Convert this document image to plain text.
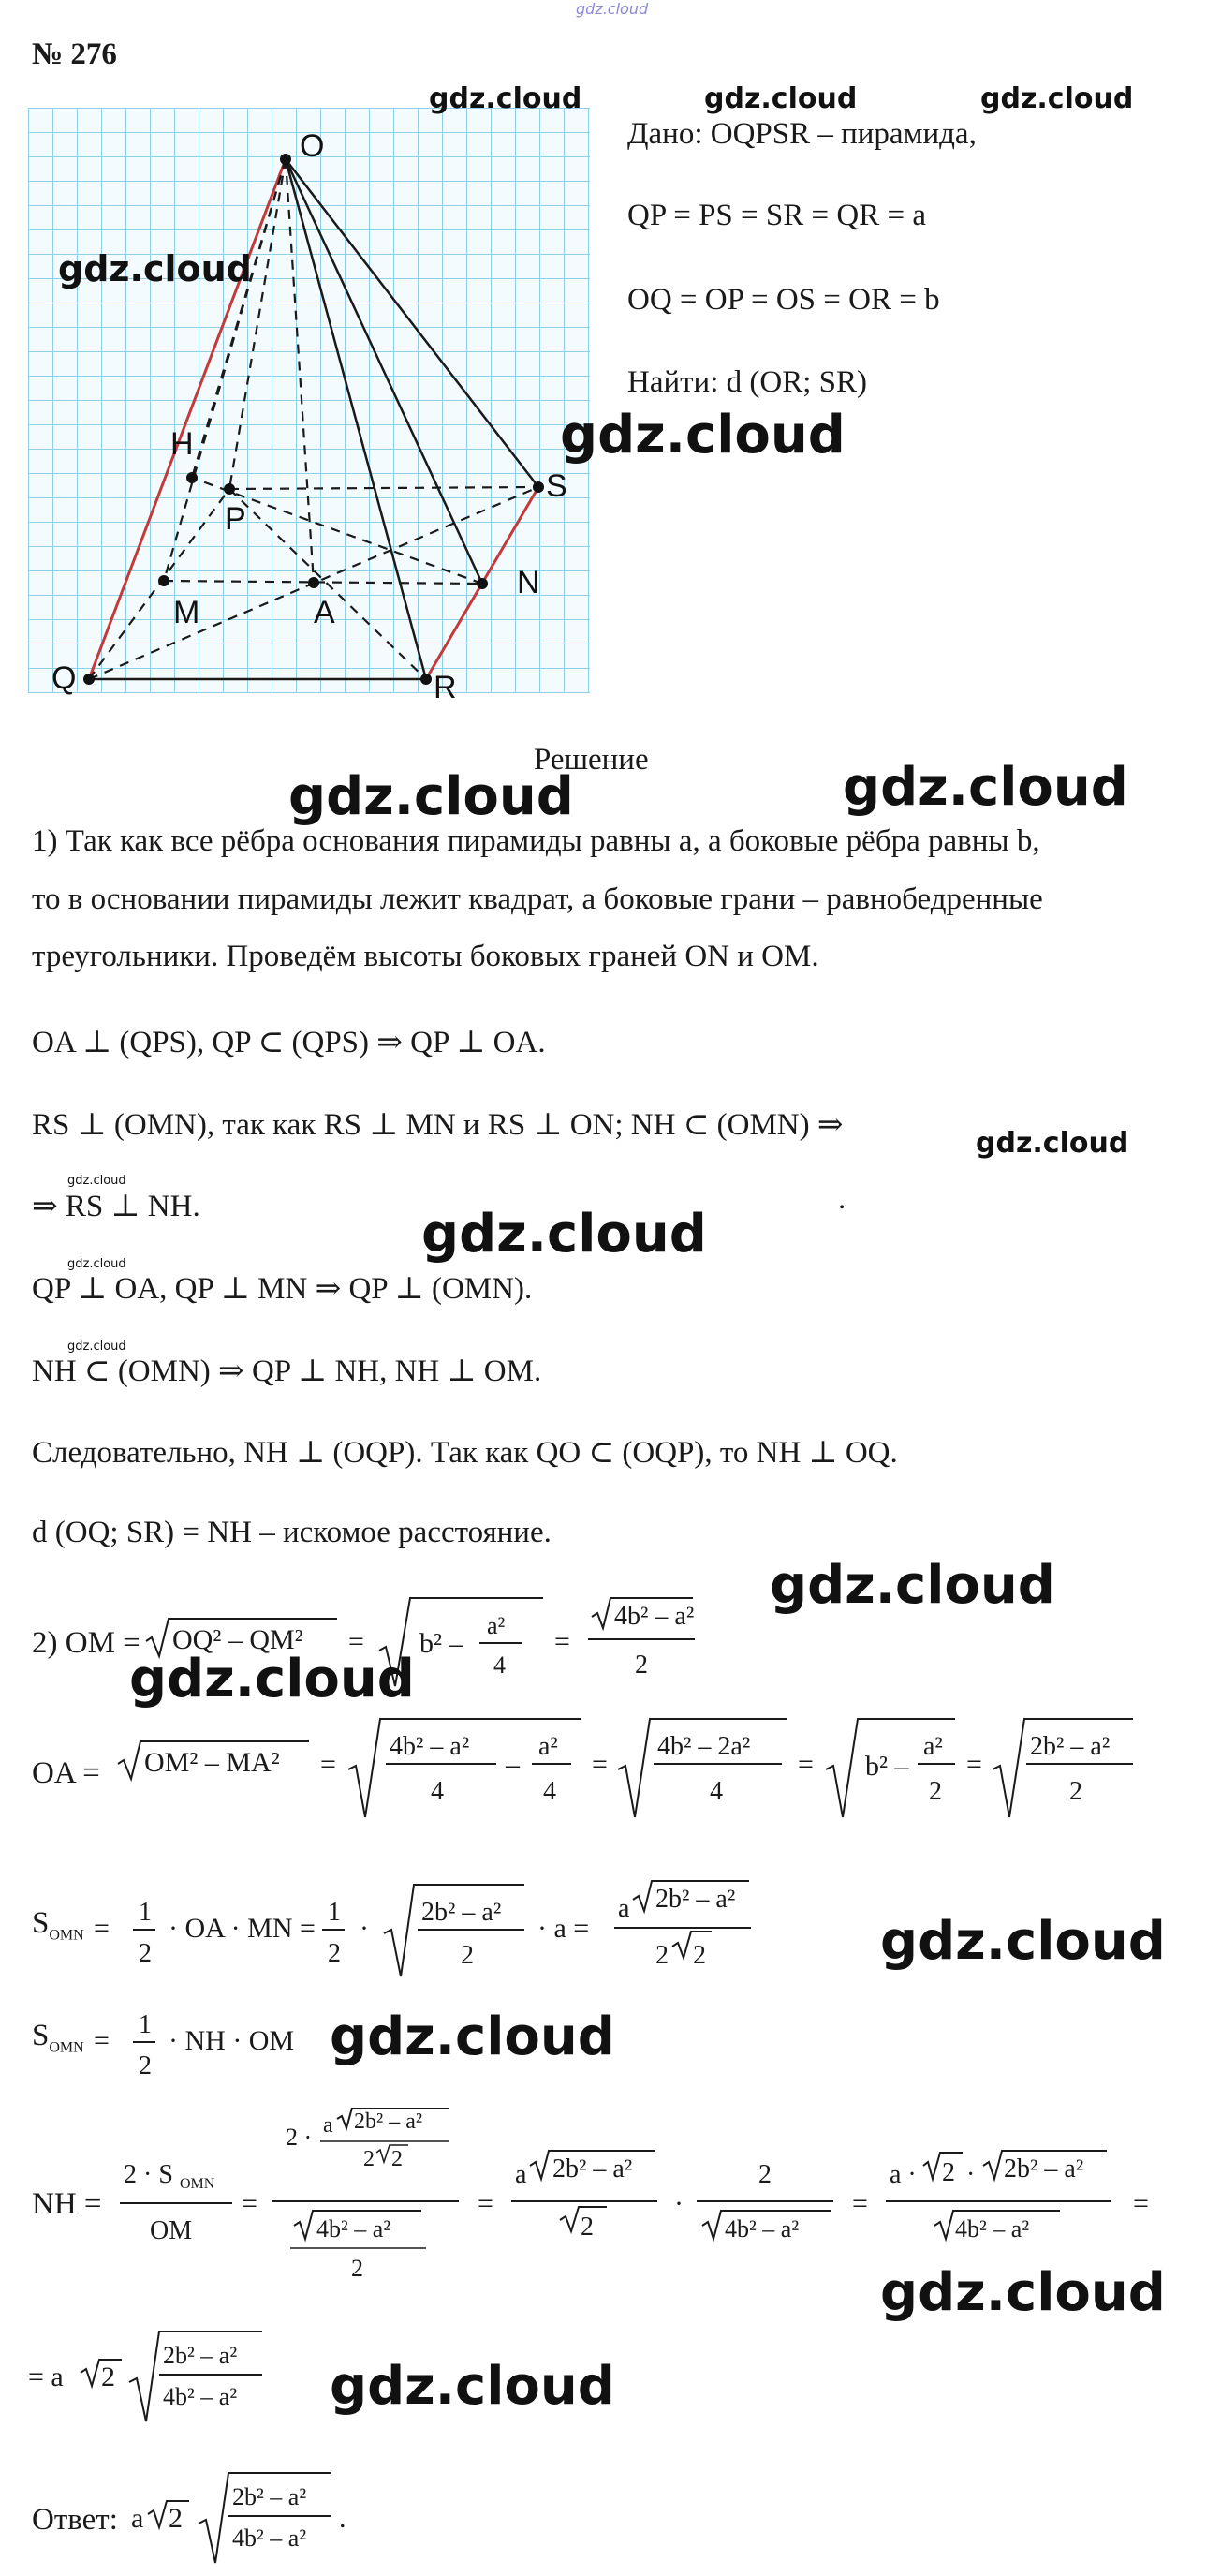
gdz.cloud
№ 276
O
H
P
S
M	A
N
Q	R
gdz.cloud	gdz.cloud	gdz.cloud
gdz.cloud
Дано: OQPSR – пирамида,
QP = PS = SR = QR = a
OQ = OP = OS = OR = b
Найти: d (OR; SR)
gdz.cloud
Решение
gdz.cloud	gdz.cloud
1) Так как все рёбра основания пирамиды равны a, а боковые рёбра равны b,
то в основании пирамиды лежит квадрат, а боковые грани – равнобедренные
треугольники. Проведём высоты боковых граней ON и OM.
OA ⊥ (QPS), QP ⊂ (QPS) ⇒ QP ⊥ OA.
RS ⊥ (OMN), так как RS ⊥ MN и RS ⊥ ON; NH ⊂ (OMN) ⇒
gdz.cloud
gdz.cloud
⇒ RS ⊥ NH.	.
gdz.cloud
gdz.cloud
QP ⊥ OA, QP ⊥ MN ⇒ QP ⊥ (OMN).
gdz.cloud
NH ⊂ (OMN) ⇒ QP ⊥ NH, NH ⊥ OM.
Следовательно, NH ⊥ (OQP). Так как QO ⊂ (OQP), то NH ⊥ OQ.
d (OQ; SR) = NH – искомое расстояние.
2) OM = OQ² – QM² = b² –
a²
4
=
4b² – a²
2
gdz.cloud
gdz.cloud
OA = OM² – MA² =
4b² – a²
4
–
a²
4
=
4b² – 2a²
4
= b² –
a²
2
=
2b² – a²
2
$S_{OMN}$ =
1
2
· OA · MN =
1
2
·
2b² – a²
2
· a =
a 2b² – a²
2 2	gdz.cloud
$S_{OMN}$ =
1
2
· NH · OM gdz.cloud
NH =
2 · S OMN
OM
=
2 · a 2b² – a²
2 2
4b² – a²
2
=
a 2b² – a²
2
·
2
4b² – a²
=
a · 2 · 2b² – a²
4b² – a²
=
gdz.cloud
= a 2
2b² – a²
4b² – a² gdz.cloud
Ответ: a 2
2b² – a²
4b² – a²
.
